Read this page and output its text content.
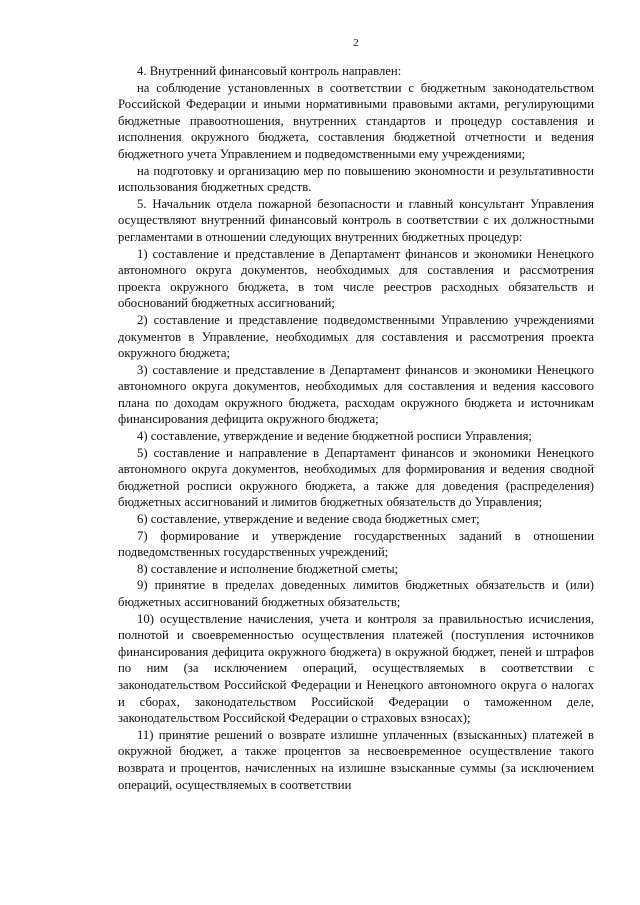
2

4. Внутренний финансовый контроль направлен:

на соблюдение установленных в соответствии с бюджетным законодательством Российской Федерации и иными нормативными правовыми актами, регулирующими бюджетные правоотношения, внутренних стандартов и процедур составления и исполнения окружного бюджета, составления бюджетной отчетности и ведения бюджетного учета Управлением и подведомственными ему учреждениями;

на подготовку и организацию мер по повышению экономности и результативности использования бюджетных средств.

5. Начальник отдела пожарной безопасности и главный консультант Управления осуществляют внутренний финансовый контроль в соответствии с их должностными регламентами в отношении следующих внутренних бюджетных процедур:

1) составление и представление в Департамент финансов и экономики Ненецкого автономного округа документов, необходимых для составления и рассмотрения проекта окружного бюджета, в том числе реестров расходных обязательств и обоснований бюджетных ассигнований;

2) составление и представление подведомственными Управлению учреждениями документов в Управление, необходимых для составления и рассмотрения проекта окружного бюджета;

3) составление и представление в Департамент финансов и экономики Ненецкого автономного округа документов, необходимых для составления и ведения кассового плана по доходам окружного бюджета, расходам окружного бюджета и источникам финансирования дефицита окружного бюджета;

4) составление, утверждение и ведение бюджетной росписи Управления;

5) составление и направление в Департамент финансов и экономики Ненецкого автономного округа документов, необходимых для формирования и ведения сводной бюджетной росписи окружного бюджета, а также для доведения (распределения) бюджетных ассигнований и лимитов бюджетных обязательств до Управления;

6) составление, утверждение и ведение свода бюджетных смет;

7) формирование и утверждение государственных заданий в отношении подведомственных государственных учреждений;

8) составление и исполнение бюджетной сметы;

9) принятие в пределах доведенных лимитов бюджетных обязательств и (или) бюджетных ассигнований бюджетных обязательств;

10) осуществление начисления, учета и контроля за правильностью исчисления, полнотой и своевременностью осуществления платежей (поступления источников финансирования дефицита окружного бюджета) в окружной бюджет, пеней и штрафов по ним (за исключением операций, осуществляемых в соответствии с законодательством Российской Федерации и Ненецкого автономного округа о налогах и сборах, законодательством Российской Федерации о таможенном деле, законодательством Российской Федерации о страховых взносах);

11) принятие решений о возврате излишне уплаченных (взысканных) платежей в окружной бюджет, а также процентов за несвоевременное осуществление такого возврата и процентов, начисленных на излишне взысканные суммы (за исключением операций, осуществляемых в соответствии
